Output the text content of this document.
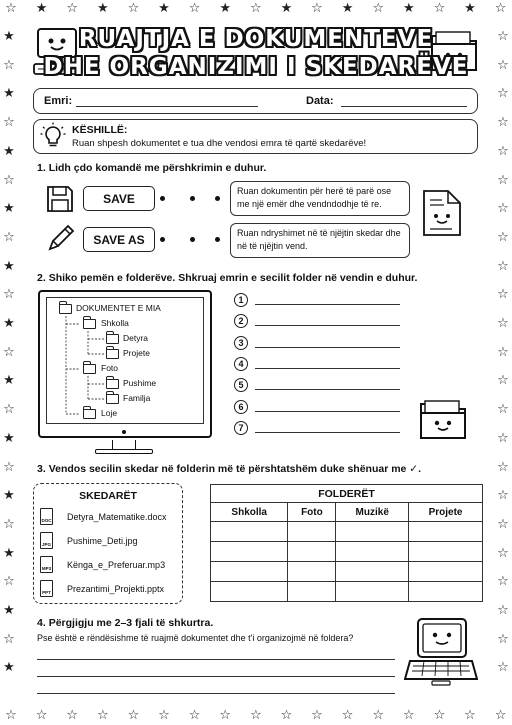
☆
☆
★
☆
☆
☆
★
☆
☆
☆
★
☆
☆
☆
★
☆
☆
☆
★
☆
☆
☆
★
☆
☆
☆
★
☆
☆
☆
★
☆
☆
☆
★	☆
☆	☆
★	☆
☆	☆
★	☆
☆	☆
★	☆
☆	☆
★	☆
☆	☆
★	☆
☆	☆
★	☆
☆	☆
★	☆
☆	☆
★	☆
☆	☆
★	☆
☆	☆
★	☆
☆	☆
★	☆
RUAJTJA E DOKUMENTEVE
DHE ORGANIZIMI I SKEDARËVE
Emri:	Data:
KËSHILLË:
Ruan shpesh dokumentet e tua dhe vendosi emra të qartë skedarëve!
1. Lidh çdo komandë me përshkrimin e duhur.
SAVE
SAVE AS
Ruan dokumentin për herë të parë ose me një emër dhe vendndodhje të re.
Ruan ndryshimet në të njëjtin skedar dhe në të njëjtin vend.
2. Shiko pemën e folderëve. Shkruaj emrin e secilit folder në vendin e duhur.
DOKUMENTET E MIA
Shkolla
Detyra
Projete
Foto
Pushime
Familja
Loje
1
2
3
4
5
6
7
3. Vendos secilin skedar në folderin më të përshtatshëm duke shënuar me ✓.
SKEDARËT
DOC Detyra_Matematike.docx
JPG Pushime_Deti.jpg
MP3 Kënga_e_Preferuar.mp3
PPT Prezantimi_Projekti.pptx
FOLDERËT			
Shkolla	Foto	Muzikë	Projete

4. Përgjigju me 2–3 fjali të shkurtra.
Pse është e rëndësishme të ruajmë dokumentet dhe t'i organizojmë në foldera?
